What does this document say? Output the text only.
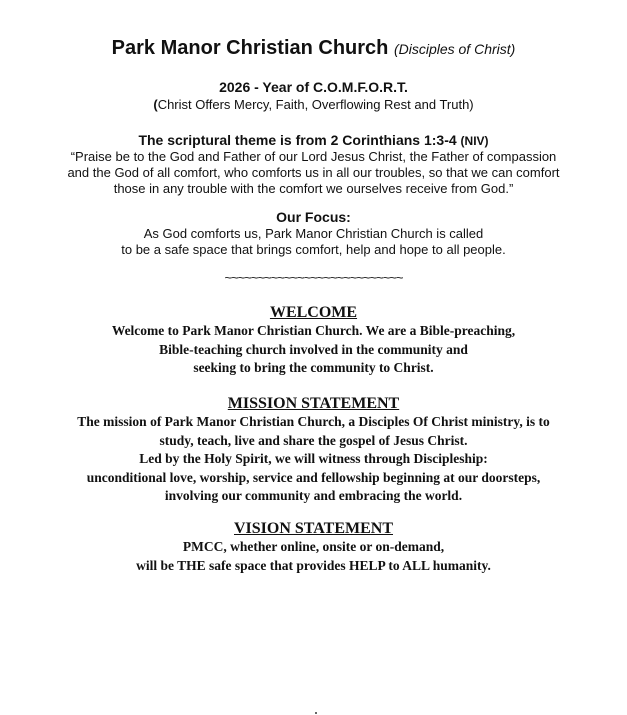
Park Manor Christian Church (Disciples of Christ)
2026 - Year of C.O.M.F.O.R.T.
(Christ Offers Mercy, Faith, Overflowing Rest and Truth)
The scriptural theme is from 2 Corinthians 1:3-4 (NIV)
“Praise be to the God and Father of our Lord Jesus Christ, the Father of compassion
and the God of all comfort, who comforts us in all our troubles, so that we can comfort
those in any trouble with the comfort we ourselves receive from God.”
Our Focus:
As God comforts us, Park Manor Christian Church is called
to be a safe space that brings comfort, help and hope to all people.
~~~~~~~~~~~~~~~~~~~~~~~~~~~
WELCOME
Welcome to Park Manor Christian Church. We are a Bible-preaching,
Bible-teaching church involved in the community and
seeking to bring the community to Christ.
MISSION STATEMENT
The mission of Park Manor Christian Church, a Disciples Of Christ ministry, is to
study, teach, live and share the gospel of Jesus Christ.
Led by the Holy Spirit, we will witness through Discipleship:
unconditional love, worship, service and fellowship beginning at our doorsteps,
involving our community and embracing the world.
VISION STATEMENT
PMCC, whether online, onsite or on-demand,
will be THE safe space that provides HELP to ALL humanity.
